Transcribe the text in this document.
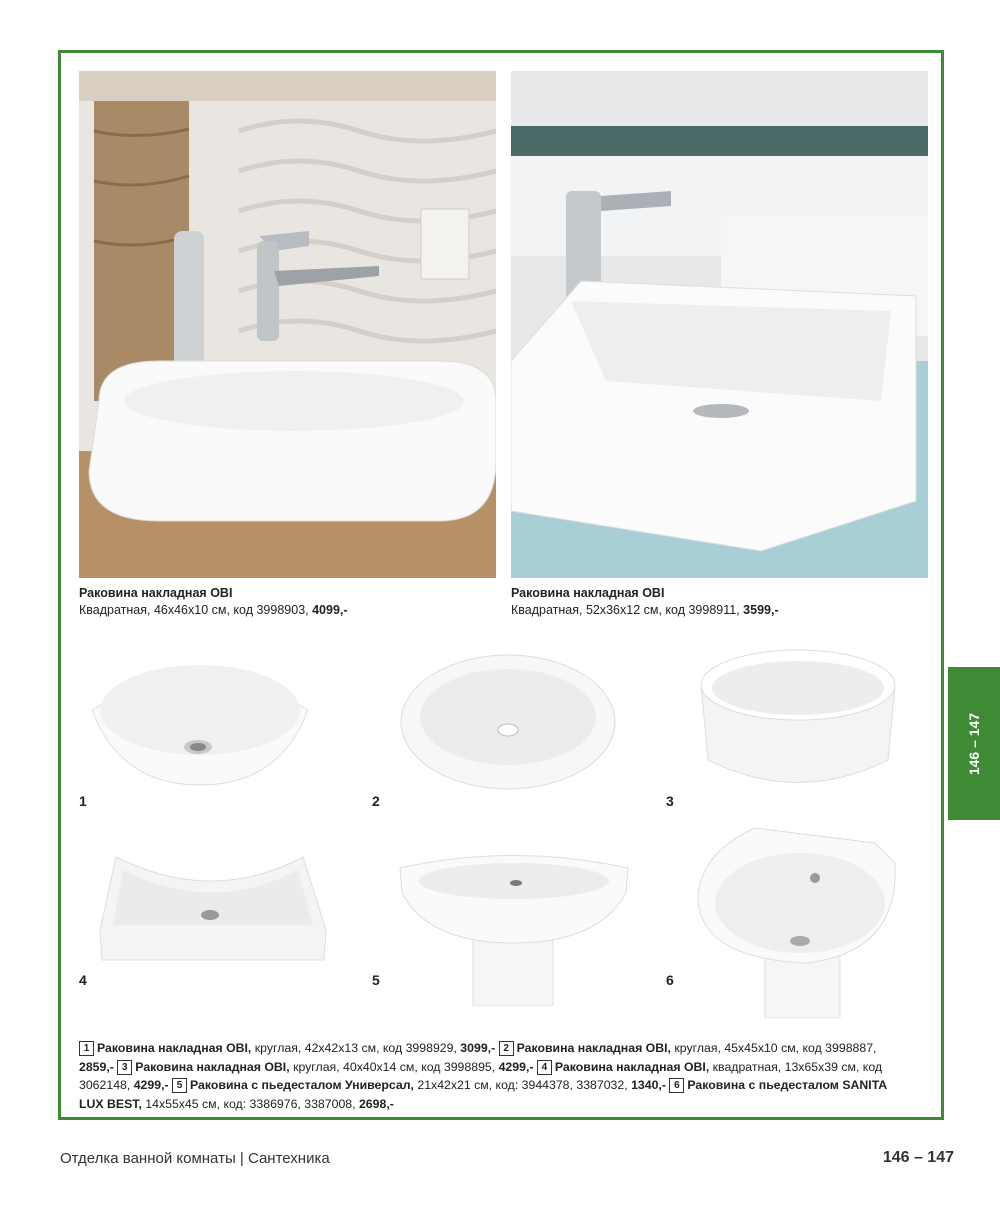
Раковина накладная OBI
Квадратная, 46x46x10 см, код 3998903, 4099,-
Раковина накладная OBI
Квадратная, 52x36x12 см, код 3998911, 3599,-
1	2	3
4	5	6
1 Раковина накладная OBI, круглая, 42x42x13 см, код 3998929, 3099,- 2 Раковина накладная OBI, круглая, 45x45x10 см, код 3998887, 2859,- 3 Раковина накладная OBI, круглая, 40x40x14 см, код 3998895, 4299,- 4 Раковина накладная OBI, квадратная, 13x65x39 см, код 3062148, 4299,- 5 Раковина с пьедесталом Универсал, 21x42x21 см, код: 3944378, 3387032, 1340,- 6 Раковина с пьедесталом SANITA LUX BEST, 14x55x45 см, код: 3386976, 3387008, 2698,-
146 – 147
Отделка ванной комнаты | Сантехника	146 – 147
